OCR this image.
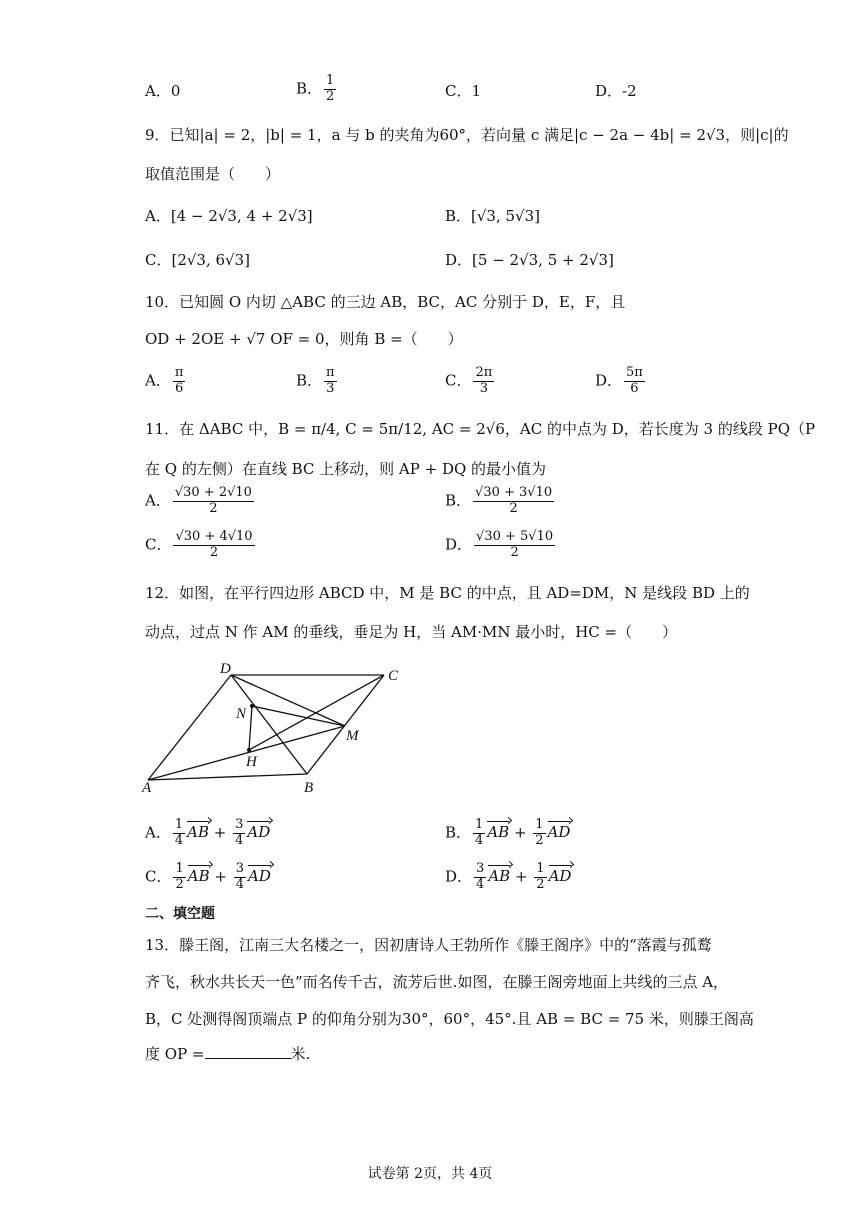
A．0	B． $\frac{1}{2}$	C．1	D．-2
9．已知|a| = 2，|b| = 1，a 与 b 的夹角为60°，若向量 c 满足|c − 2a − 4b| = 2√3，则|c|的
取值范围是（　　）
A．[4 − 2√3, 4 + 2√3]	B．[√3, 5√3]
C．[2√3, 6√3]	D．[5 − 2√3, 5 + 2√3]
10．已知圆 O 内切 △ABC 的三边 AB，BC，AC 分别于 D，E，F，且
OD + 2OE + √7 OF = 0，则角 B =（　　）
A． $\frac{\pi}{6}$	B． $\frac{\pi}{3}$	C． $\frac{2\pi}{3}$	D． $\frac{5\pi}{6}$
11．在 ΔABC 中，B = π/4, C = 5π/12, AC = 2√6，AC 的中点为 D，若长度为 3 的线段 PQ（P
在 Q 的左侧）在直线 BC 上移动，则 AP + DQ 的最小值为
A． $\frac{√30 + 2√10}{2}$	B． $\frac{√30 + 3√10}{2}$
C． $\frac{√30 + 4√10}{2}$	D． $\frac{√30 + 5√10}{2}$
12．如图，在平行四边形 ABCD 中，M 是 BC 的中点，且 AD=DM，N 是线段 BD 上的
动点，过点 N 作 AM 的垂线，垂足为 H，当 AM·MN 最小时，HC =（　　）
D	C
N
M
H
A	B
A． $\frac{1}{4}$ AB + $\frac{3}{4}$ AD	B． $\frac{1}{4}$ AB + $\frac{1}{2}$ AD
C． $\frac{1}{2}$ AB + $\frac{3}{4}$ AD	D． $\frac{3}{4}$ AB + $\frac{1}{2}$ AD
二、填空题
13．滕王阁，江南三大名楼之一，因初唐诗人王勃所作《滕王阁序》中的“落霞与孤鹜
齐飞，秋水共长天一色”而名传千古，流芳后世.如图，在滕王阁旁地面上共线的三点 A，
B，C 处测得阁顶端点 P 的仰角分别为30°，60°，45°.且 AB = BC = 75 米，则滕王阁高
度 OP =	米.
试卷第 2页，共 4页
